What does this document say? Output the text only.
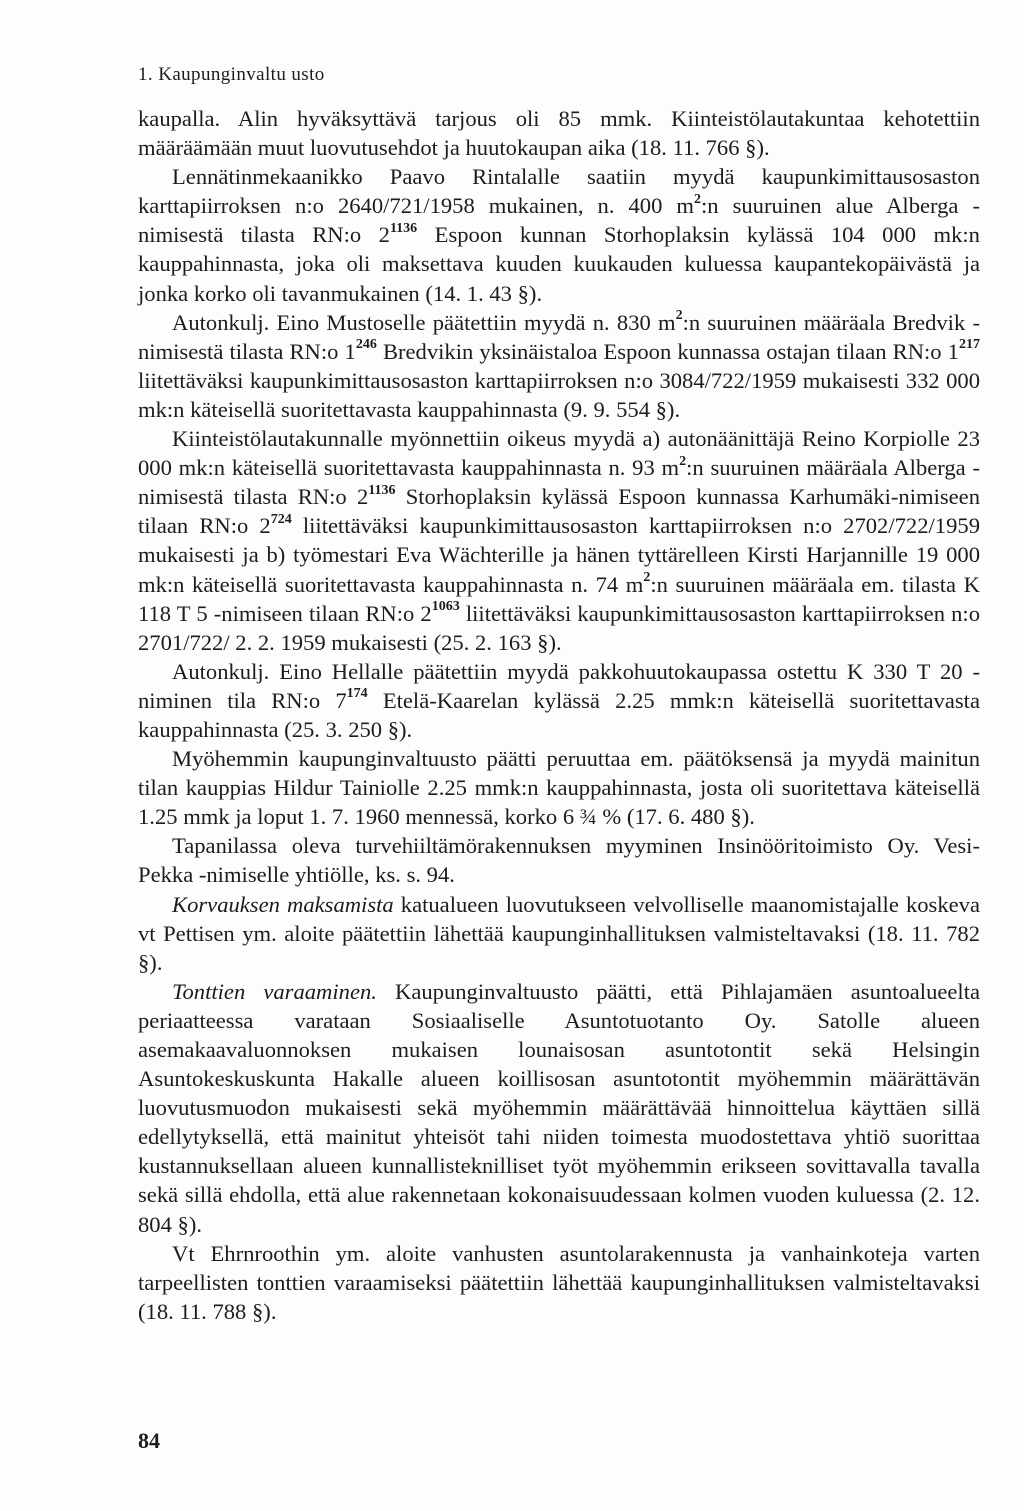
1. Kaupunginvaltu usto

kaupalla. Alin hyväksyttävä tarjous oli 85 mmk. Kiinteistölautakuntaa kehotettiin määräämään muut luovutusehdot ja huutokaupan aika (18. 11. 766 §).

Lennätinmekaanikko Paavo Rintalalle saatiin myydä kaupunkimittausosaston karttapiirroksen n:o 2640/721/1958 mukainen, n. 400 $m^2:n$ suuruinen alue Alberga -nimisestä tilasta RN:o $2^{1136}$ Espoon kunnan Storhoplaksin kylässä 104 000 mk:n kauppahinnasta, joka oli maksettava kuuden kuukauden kuluessa kaupantekopäivästä ja jonka korko oli tavanmukainen (14. 1. 43 §).

Autonkulj. Eino Mustoselle päätettiin myydä n. 830 $m^2:n$ suuruinen määräala Bredvik -nimisestä tilasta RN:o $1^{246}$ Bredvikin yksinäistaloa Espoon kunnassa ostajan tilaan RN:o $1^{217}$ liitettäväksi kaupunkimittausosaston karttapiirroksen n:o 3084/722/1959 mukaisesti 332 000 mk:n käteisellä suoritettavasta kauppahinnasta (9. 9. 554 §).

Kiinteistölautakunnalle myönnettiin oikeus myydä a) autonäänittäjä Reino Korpiolle 23 000 mk:n käteisellä suoritettavasta kauppahinnasta n. 93 $m^2:n$ suuruinen määräala Alberga -nimisestä tilasta RN:o $2^{1136}$ Storhoplaksin kylässä Espoon kunnassa Karhumäki-nimiseen tilaan RN:o $2^{724}$ liitettäväksi kaupunkimittausosaston karttapiirroksen n:o 2702/722/1959 mukaisesti ja b) työmestari Eva Wächterille ja hänen tyttärelleen Kirsti Harjannille 19 000 mk:n käteisellä suoritettavasta kauppahinnasta n. 74 $m^2:n$ suuruinen määräala em. tilasta K 118 T 5 -nimiseen tilaan RN:o $2^{1063}$ liitettäväksi kaupunkimittausosaston karttapiirroksen n:o 2701/722/ 2. 2. 1959 mukaisesti (25. 2. 163 §).

Autonkulj. Eino Hellalle päätettiin myydä pakkohuutokaupassa ostettu K 330 T 20 -niminen tila RN:o $7^{174}$ Etelä-Kaarelan kylässä 2.25 mmk:n käteisellä suoritettavasta kauppahinnasta (25. 3. 250 §).

Myöhemmin kaupunginvaltuusto päätti peruuttaa em. päätöksensä ja myydä mainitun tilan kauppias Hildur Tainiolle 2.25 mmk:n kauppahinnasta, josta oli suoritettava käteisellä 1.25 mmk ja loput 1. 7. 1960 mennessä, korko 6 ¾ % (17. 6. 480 §).

Tapanilassa oleva turvehiiltämörakennuksen myyminen Insinööritoimisto Oy. Vesi-Pekka -nimiselle yhtiölle, ks. s. 94.

Korvauksen maksamista katualueen luovutukseen velvolliselle maanomistajalle koskeva vt Pettisen ym. aloite päätettiin lähettää kaupunginhallituksen valmisteltavaksi (18. 11. 782 §).

Tonttien varaaminen. Kaupunginvaltuusto päätti, että Pihlajamäen asuntoalueelta periaatteessa varataan Sosiaaliselle Asuntotuotanto Oy. Satolle alueen asemakaavaluonnoksen mukaisen lounaisosan asuntotontit sekä Helsingin Asuntokeskuskunta Hakalle alueen koillisosan asuntotontit myöhemmin määrättävän luovutusmuodon mukaisesti sekä myöhemmin määrättävää hinnoittelua käyttäen sillä edellytyksellä, että mainitut yhteisöt tahi niiden toimesta muodostettava yhtiö suorittaa kustannuksellaan alueen kunnallisteknilliset työt myöhemmin erikseen sovittavalla tavalla sekä sillä ehdolla, että alue rakennetaan kokonaisuudessaan kolmen vuoden kuluessa (2. 12. 804 §).

Vt Ehrnroothin ym. aloite vanhusten asuntolarakennusta ja vanhainkoteja varten tarpeellisten tonttien varaamiseksi päätettiin lähettää kaupunginhallituksen valmisteltavaksi (18. 11. 788 §).

84
